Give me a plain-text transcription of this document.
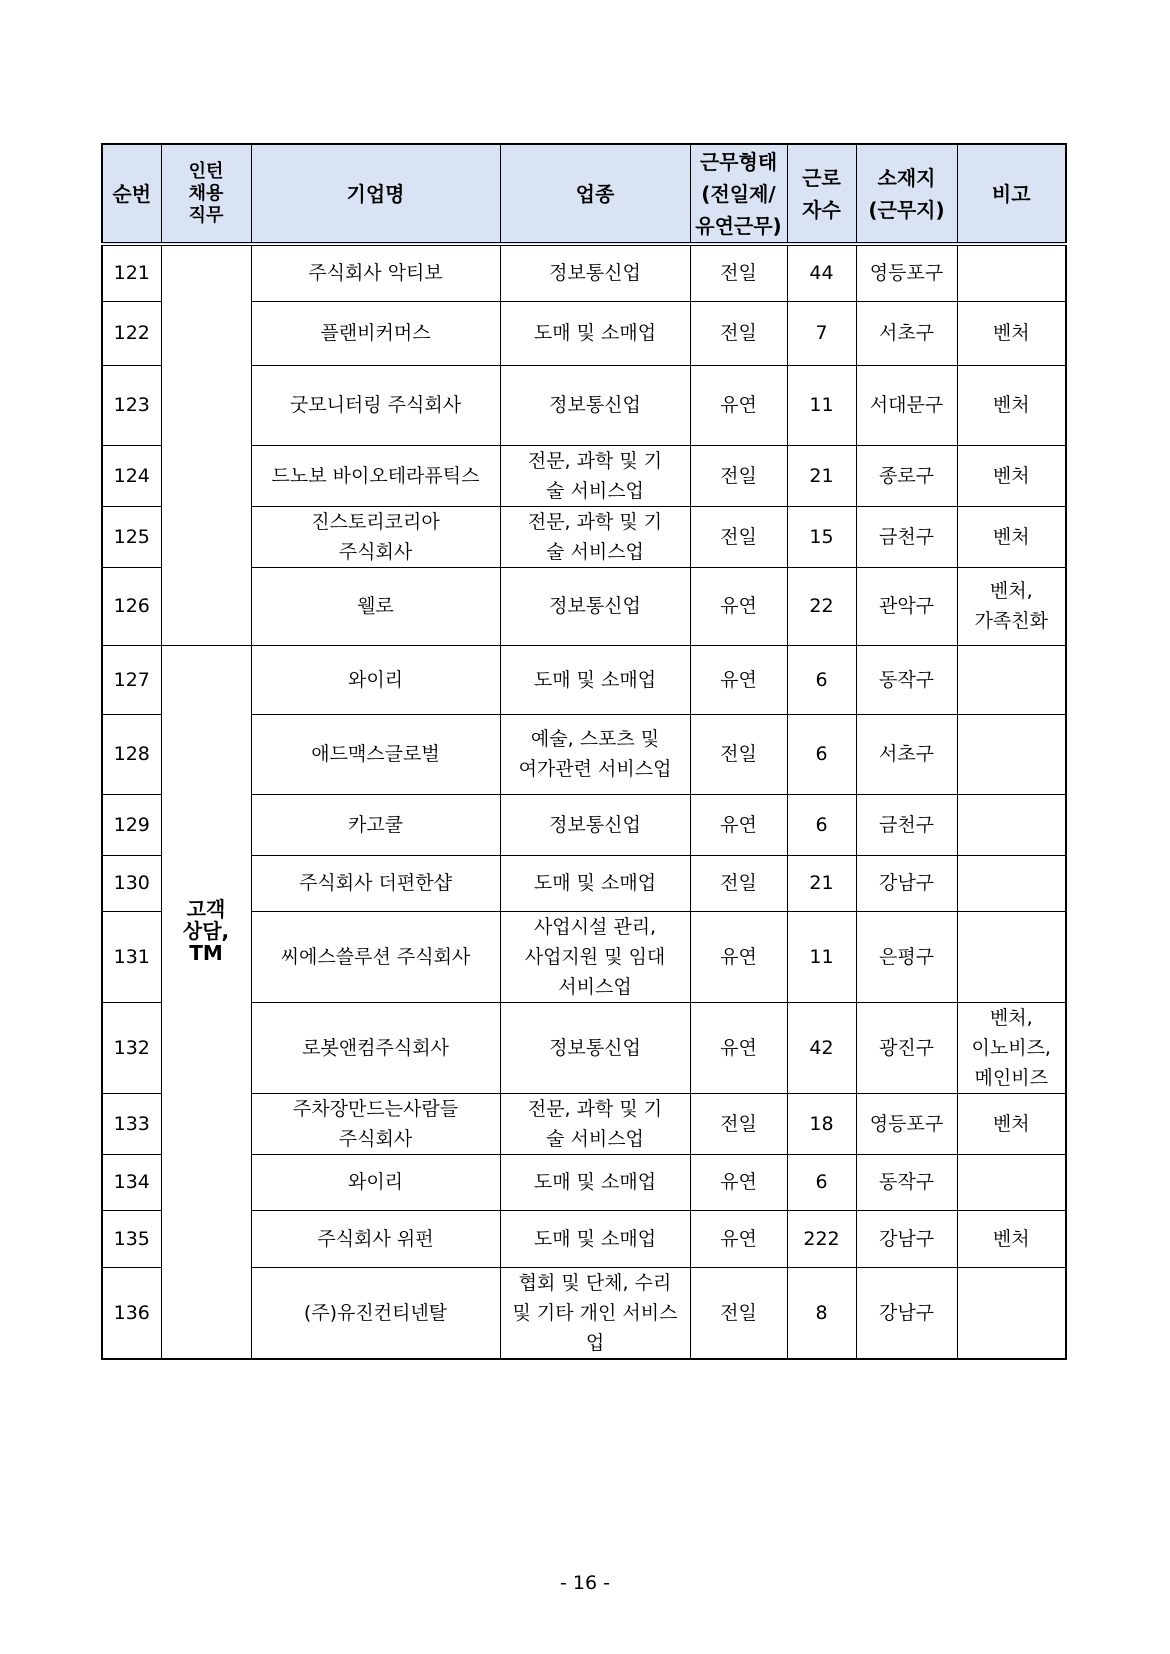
순번	인턴
채용
직무	기업명	업종	근무형태
(전일제/
유연근무)	근로
자수	소재지
(근무지)	비고
121		주식회사 악티보	정보통신업	전일	44	영등포구	
122		플랜비커머스	도매 및 소매업	전일	7	서초구	벤처
123		굿모니터링 주식회사	정보통신업	유연	11	서대문구	벤처
124		드노보 바이오테라퓨틱스	전문, 과학 및 기
술 서비스업	전일	21	종로구	벤처
125		진스토리코리아
주식회사	전문, 과학 및 기
술 서비스업	전일	15	금천구	벤처
126		웰로	정보통신업	유연	22	관악구	벤처,
가족친화
127	고객
상담,
TM	와이리	도매 및 소매업	유연	6	동작구	
128		애드맥스글로벌	예술, 스포츠 및
여가관련 서비스업	전일	6	서초구	
129		카고쿨	정보통신업	유연	6	금천구	
130		주식회사 더편한샵	도매 및 소매업	전일	21	강남구	
131		씨에스쓸루션 주식회사	사업시설 관리,
사업지원 및 임대
서비스업	유연	11	은평구	
132		로봇앤컴주식회사	정보통신업	유연	42	광진구	벤처,
이노비즈,
메인비즈
133		주차장만드는사람들
주식회사	전문, 과학 및 기
술 서비스업	전일	18	영등포구	벤처
134		와이리	도매 및 소매업	유연	6	동작구	
135		주식회사 위펀	도매 및 소매업	유연	222	강남구	벤처
136		(주)유진컨티넨탈	협회 및 단체, 수리
및 기타 개인 서비스업	전일	8	강남구	
- 16 -
